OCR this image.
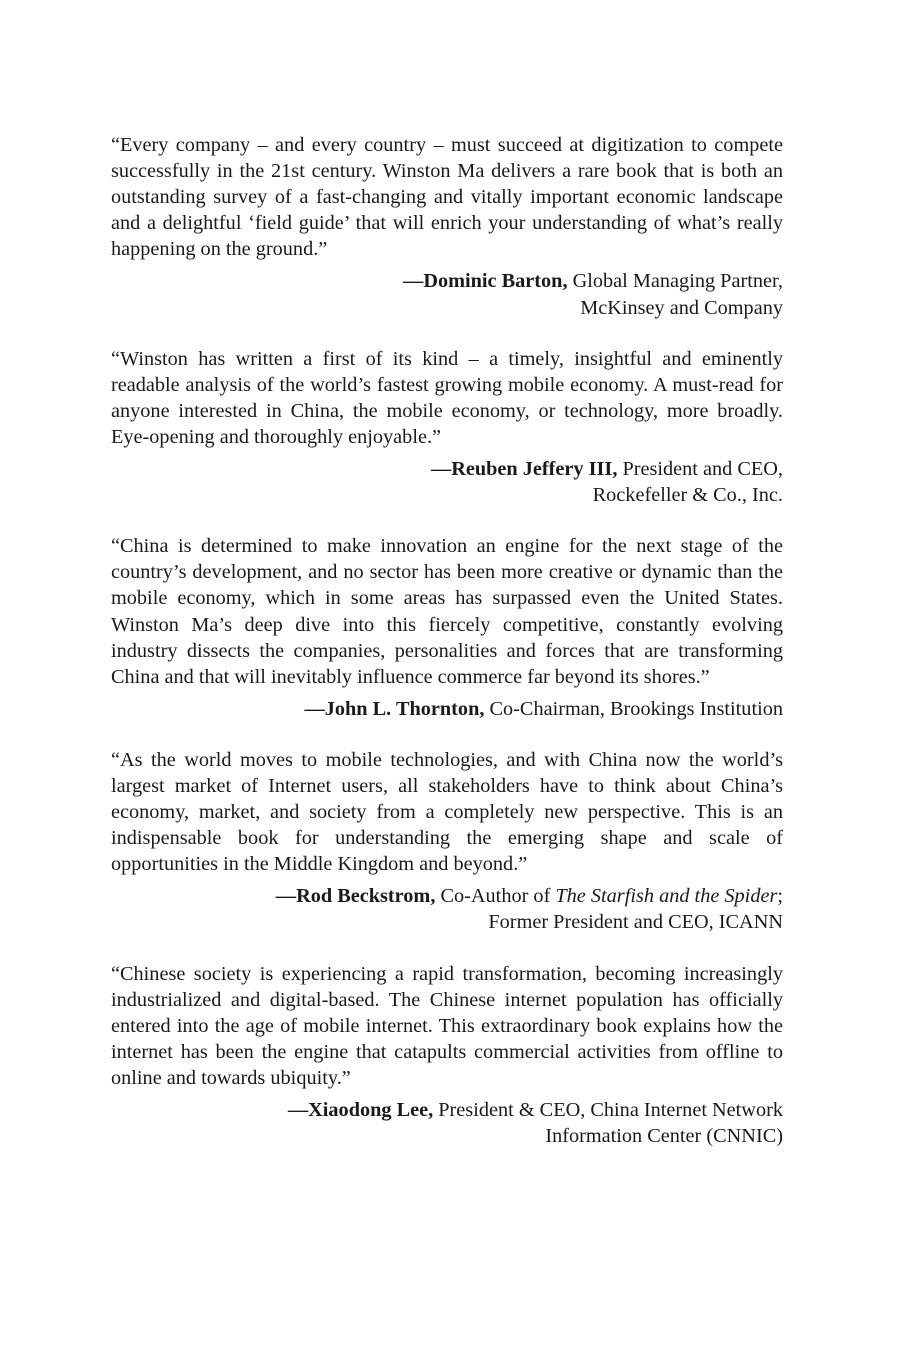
“Every company – and every country – must succeed at digitization to compete successfully in the 21st century. Winston Ma delivers a rare book that is both an outstanding survey of a fast-changing and vitally important economic landscape and a delightful ‘field guide’ that will enrich your understanding of what’s really happening on the ground.”

—Dominic Barton, Global Managing Partner,
McKinsey and Company

“Winston has written a first of its kind – a timely, insightful and eminently readable analysis of the world’s fastest growing mobile economy. A must-read for anyone interested in China, the mobile economy, or technology, more broadly. Eye-opening and thoroughly enjoyable.”

—Reuben Jeffery III, President and CEO,
Rockefeller & Co., Inc.

“China is determined to make innovation an engine for the next stage of the country’s development, and no sector has been more creative or dynamic than the mobile economy, which in some areas has surpassed even the United States. Winston Ma’s deep dive into this fiercely competitive, constantly evolving industry dissects the companies, personalities and forces that are transforming China and that will inevitably influence commerce far beyond its shores.”

—John L. Thornton, Co-Chairman, Brookings Institution

“As the world moves to mobile technologies, and with China now the world’s largest market of Internet users, all stakeholders have to think about China’s economy, market, and society from a completely new perspective. This is an indispensable book for understanding the emerging shape and scale of opportunities in the Middle Kingdom and beyond.”

—Rod Beckstrom, Co-Author of The Starfish and the Spider;
Former President and CEO, ICANN

“Chinese society is experiencing a rapid transformation, becoming increasingly industrialized and digital-based. The Chinese internet population has officially entered into the age of mobile internet. This extraordinary book explains how the internet has been the engine that catapults commercial activities from offline to online and towards ubiquity.”

—Xiaodong Lee, President & CEO, China Internet Network
Information Center (CNNIC)
